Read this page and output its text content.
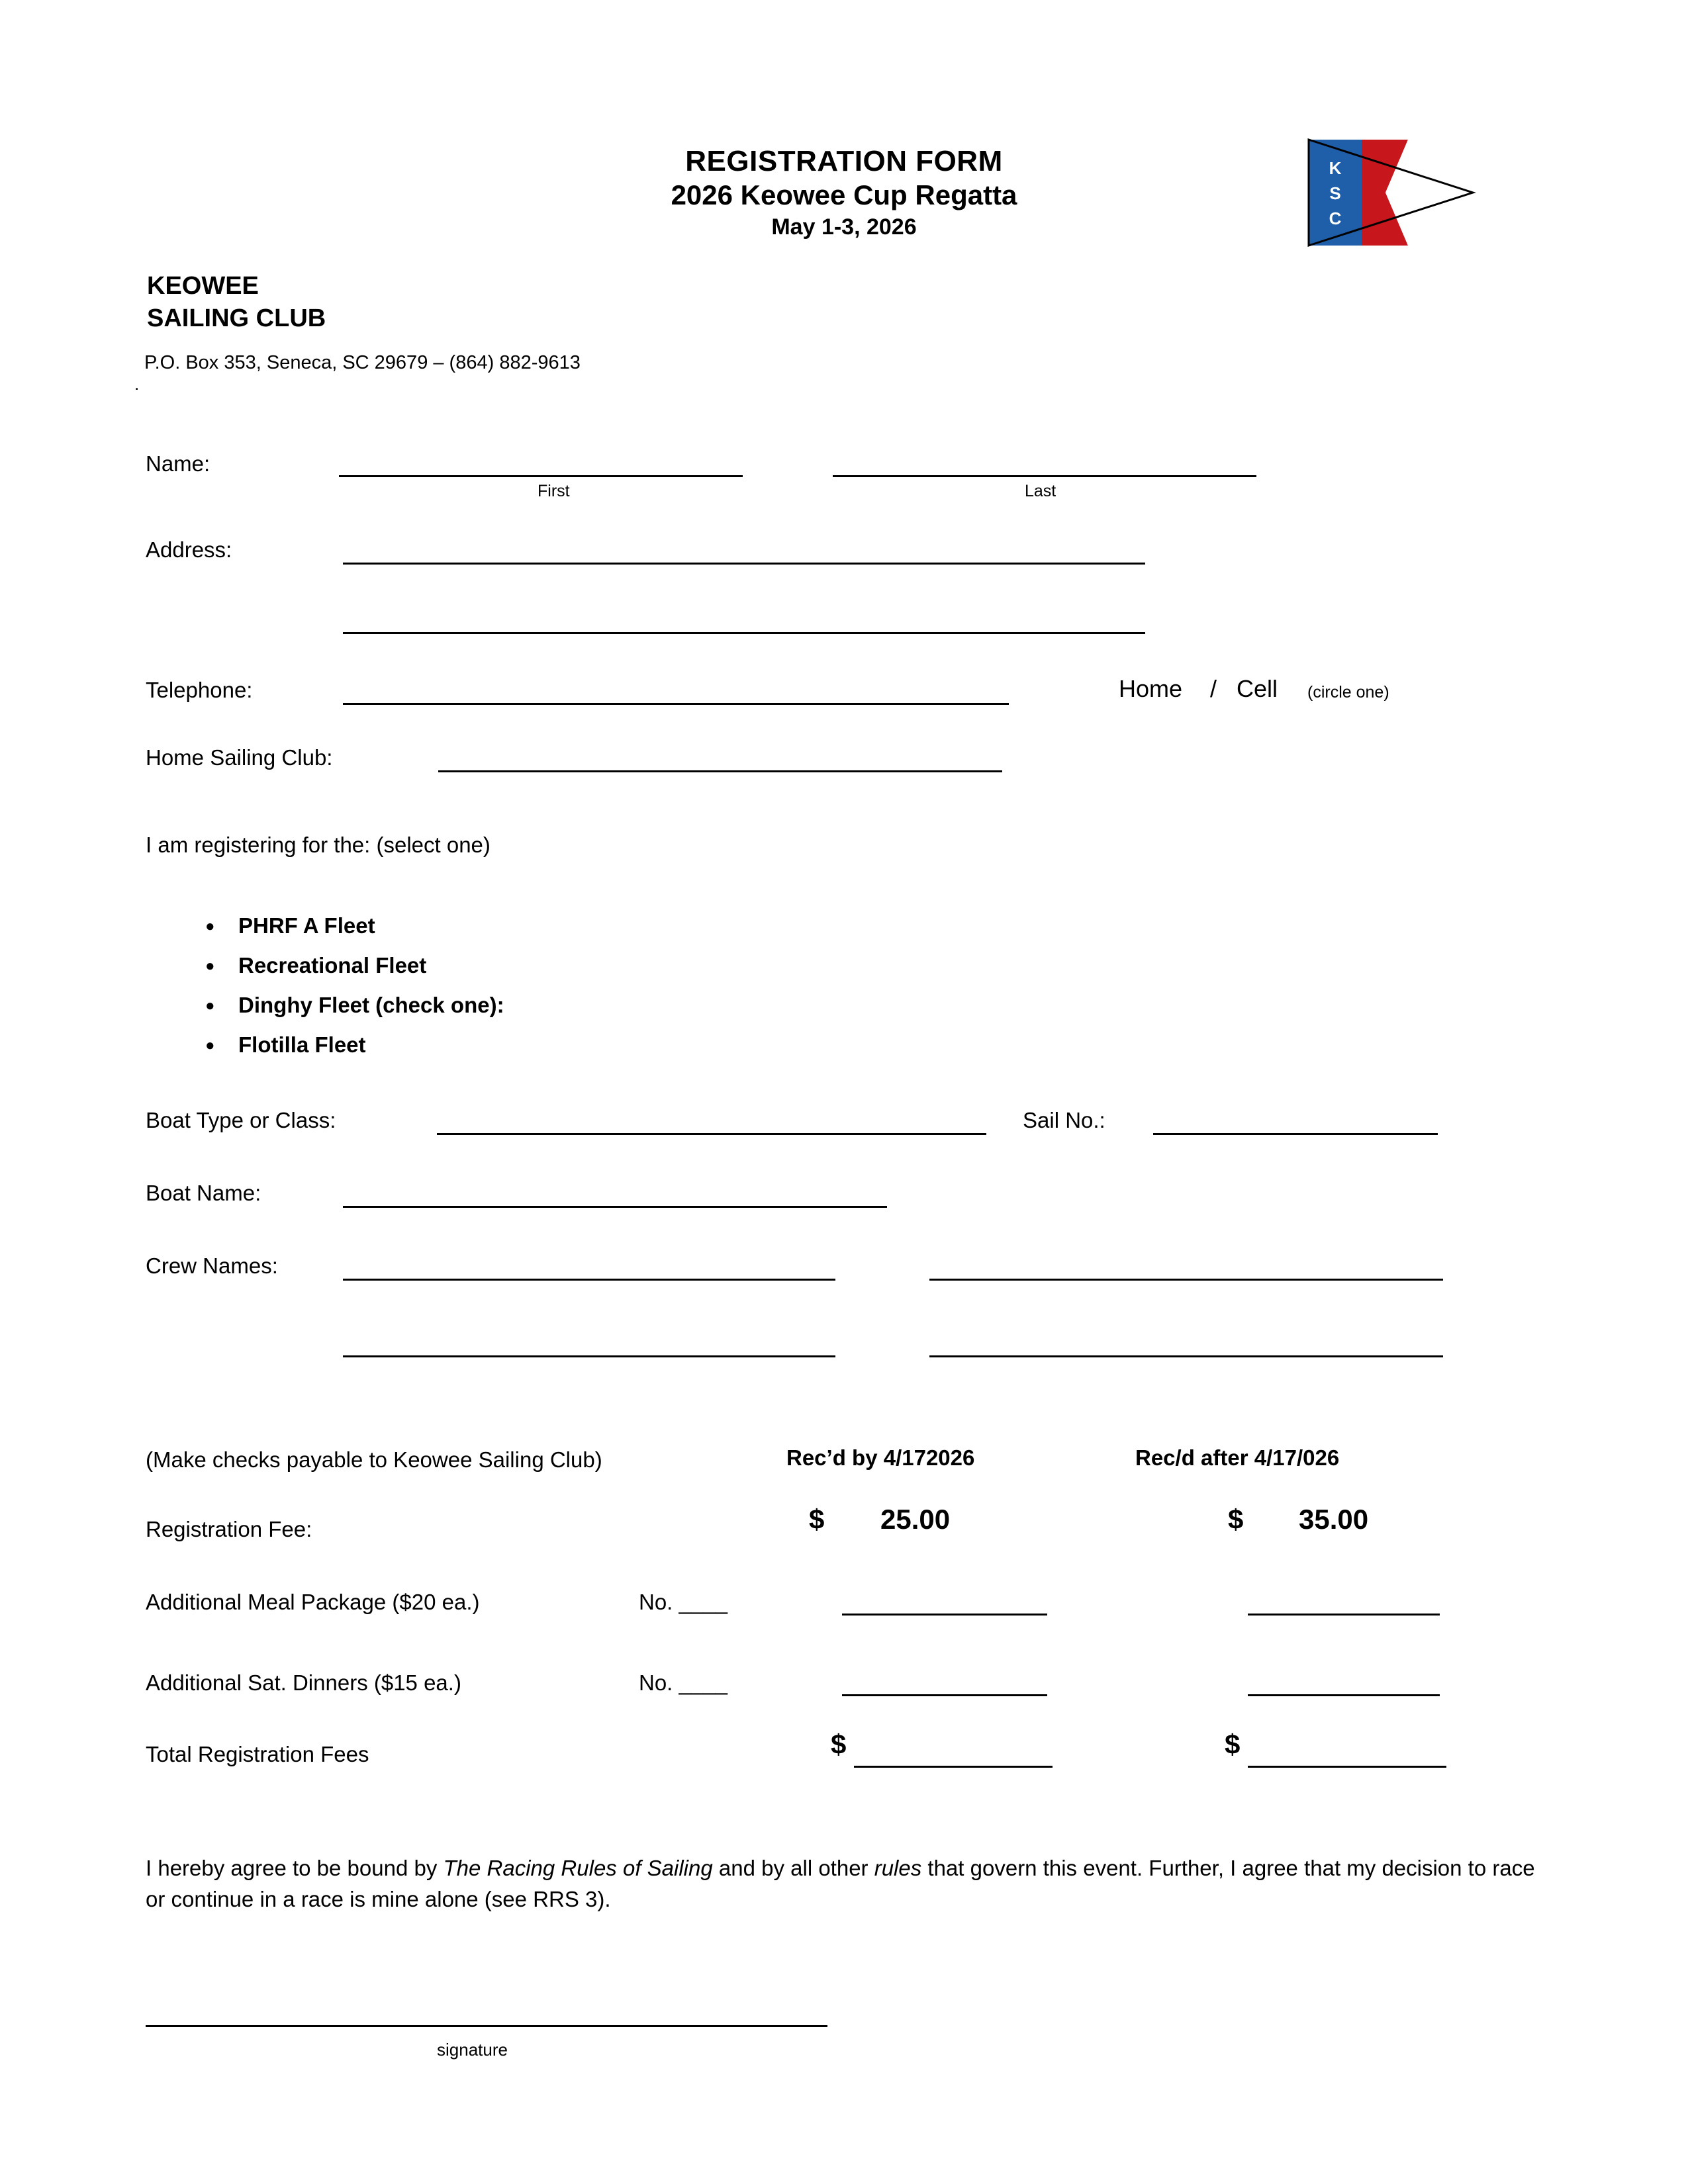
REGISTRATION FORM
2026 Keowee Cup Regatta
May 1-3, 2026
K
S
C
KEOWEE
SAILING CLUB
P.O. Box 353, Seneca, SC 29679 – (864) 882-9613
.
Name:
First	Last
Address:
Telephone:	Home / Cell (circle one)
Home Sailing Club:
I am registering for the: (select one)
● PHRF A Fleet
● Recreational Fleet
● Dinghy Fleet (check one):
● Flotilla Fleet
Boat Type or Class:	Sail No.:
Boat Name:
Crew Names:
(Make checks payable to Keowee Sailing Club)	Rec’d by 4/172026	Rec/d after 4/17/026
Registration Fee:	$ 25.00	$ 35.00
Additional Meal Package ($20 ea.)	No. ____
Additional Sat. Dinners ($15 ea.)	No. ____
Total Registration Fees	$	$
I hereby agree to be bound by The Racing Rules of Sailing and by all other rules that govern this event. Further, I agree that my decision to race or continue in a race is mine alone (see RRS 3).
signature
